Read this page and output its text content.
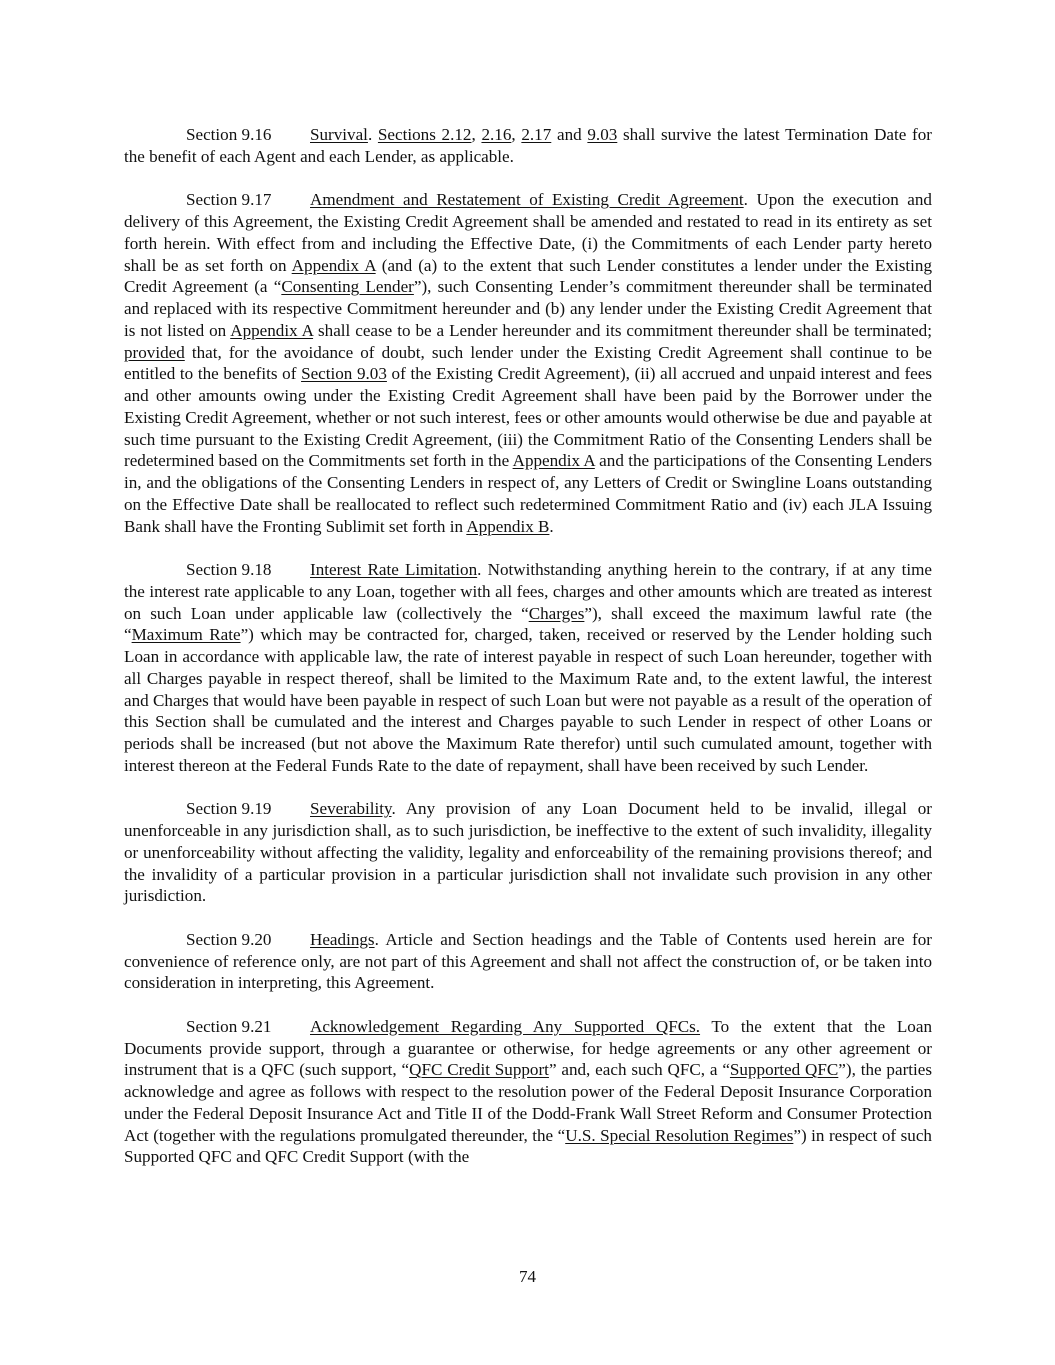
Section 9.16 Survival. Sections 2.12, 2.16, 2.17 and 9.03 shall survive the latest Termination Date for the benefit of each Agent and each Lender, as applicable.

Section 9.17 Amendment and Restatement of Existing Credit Agreement. Upon the execution and delivery of this Agreement, the Existing Credit Agreement shall be amended and restated to read in its entirety as set forth herein. With effect from and including the Effective Date, (i) the Commitments of each Lender party hereto shall be as set forth on Appendix A (and (a) to the extent that such Lender constitutes a lender under the Existing Credit Agreement (a “Consenting Lender”), such Consenting Lender’s commitment thereunder shall be terminated and replaced with its respective Commitment hereunder and (b) any lender under the Existing Credit Agreement that is not listed on Appendix A shall cease to be a Lender hereunder and its commitment thereunder shall be terminated; provided that, for the avoidance of doubt, such lender under the Existing Credit Agreement shall continue to be entitled to the benefits of Section 9.03 of the Existing Credit Agreement), (ii) all accrued and unpaid interest and fees and other amounts owing under the Existing Credit Agreement shall have been paid by the Borrower under the Existing Credit Agreement, whether or not such interest, fees or other amounts would otherwise be due and payable at such time pursuant to the Existing Credit Agreement, (iii) the Commitment Ratio of the Consenting Lenders shall be redetermined based on the Commitments set forth in the Appendix A and the participations of the Consenting Lenders in, and the obligations of the Consenting Lenders in respect of, any Letters of Credit or Swingline Loans outstanding on the Effective Date shall be reallocated to reflect such redetermined Commitment Ratio and (iv) each JLA Issuing Bank shall have the Fronting Sublimit set forth in Appendix B.

Section 9.18 Interest Rate Limitation. Notwithstanding anything herein to the contrary, if at any time the interest rate applicable to any Loan, together with all fees, charges and other amounts which are treated as interest on such Loan under applicable law (collectively the “Charges”), shall exceed the maximum lawful rate (the “Maximum Rate”) which may be contracted for, charged, taken, received or reserved by the Lender holding such Loan in accordance with applicable law, the rate of interest payable in respect of such Loan hereunder, together with all Charges payable in respect thereof, shall be limited to the Maximum Rate and, to the extent lawful, the interest and Charges that would have been payable in respect of such Loan but were not payable as a result of the operation of this Section shall be cumulated and the interest and Charges payable to such Lender in respect of other Loans or periods shall be increased (but not above the Maximum Rate therefor) until such cumulated amount, together with interest thereon at the Federal Funds Rate to the date of repayment, shall have been received by such Lender.

Section 9.19 Severability. Any provision of any Loan Document held to be invalid, illegal or unenforceable in any jurisdiction shall, as to such jurisdiction, be ineffective to the extent of such invalidity, illegality or unenforceability without affecting the validity, legality and enforceability of the remaining provisions thereof; and the invalidity of a particular provision in a particular jurisdiction shall not invalidate such provision in any other jurisdiction.

Section 9.20 Headings. Article and Section headings and the Table of Contents used herein are for convenience of reference only, are not part of this Agreement and shall not affect the construction of, or be taken into consideration in interpreting, this Agreement.

Section 9.21 Acknowledgement Regarding Any Supported QFCs. To the extent that the Loan Documents provide support, through a guarantee or otherwise, for hedge agreements or any other agreement or instrument that is a QFC (such support, “QFC Credit Support” and, each such QFC, a “Supported QFC”), the parties acknowledge and agree as follows with respect to the resolution power of the Federal Deposit Insurance Corporation under the Federal Deposit Insurance Act and Title II of the Dodd-Frank Wall Street Reform and Consumer Protection Act (together with the regulations promulgated thereunder, the “U.S. Special Resolution Regimes”) in respect of such Supported QFC and QFC Credit Support (with the

74
